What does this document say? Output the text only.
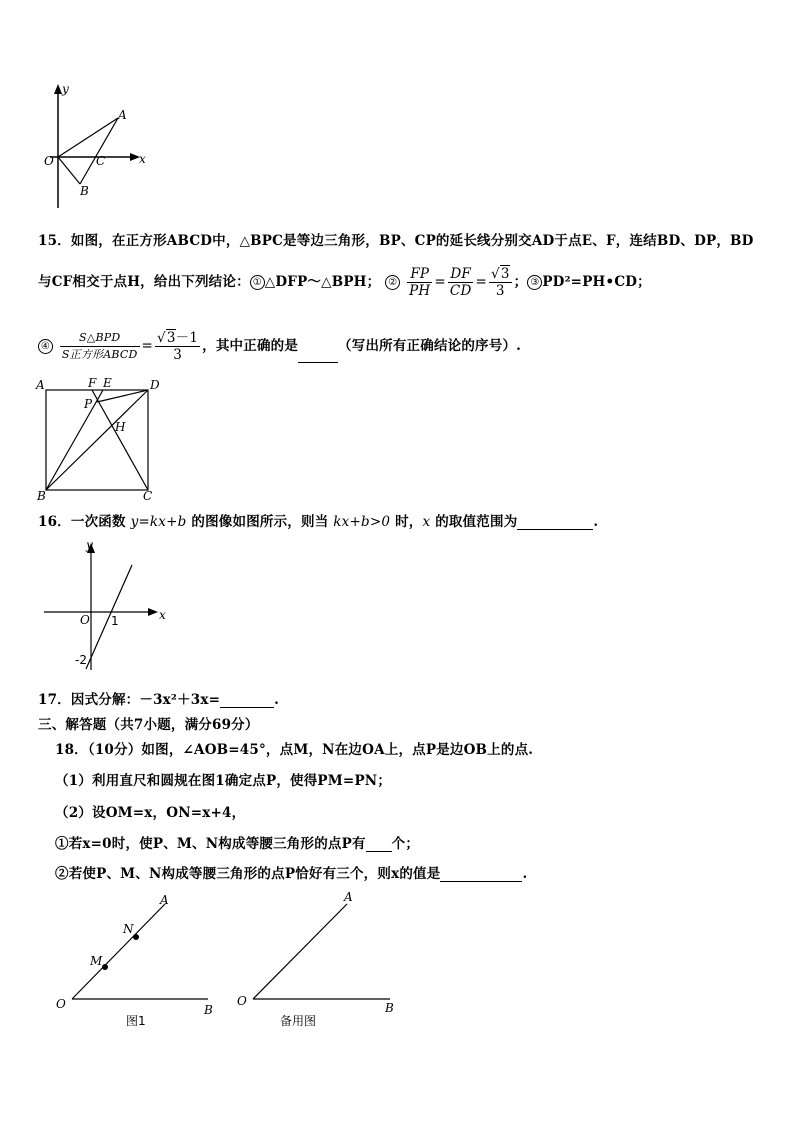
y
x
A
B
C
O
15．如图，在正方形ABCD中，△BPC是等边三角形，BP、CP的延长线分别交AD于点E、F，连结BD、DP，BD
与CF相交于点H，给出下列结论： ① △DFP～△BPH； ② $\frac{FP}{PH} = \frac{DF}{CD} = \frac{√3}{3}$ ； ③ PD²=PH•CD；
④ $\frac{\text{S△BPD}}{\text{S正方形ABCD}} = \frac{√3-1}{3}$ ，其中正确的是	（写出所有正确结论的序号）.
A	F E	D
P
H
B	C
16．一次函数 y=kx+b 的图像如图所示，则当 kx+b>0 时，x 的取值范围为	.
y
x
O 1
-2
17．因式分解：－3x²＋3x=	.
三、解答题（共7小题，满分69分）
18．（10分）如图，∠AOB=45°，点M，N在边OA上，点P是边OB上的点.
（1）利用直尺和圆规在图1确定点P，使得PM=PN；
（2）设OM=x，ON=x+4，
①若x=0时，使P、M、N构成等腰三角形的点P有 个；
②若使P、M、N构成等腰三角形的点P恰好有三个，则x的值是	.
A
N
M
O	B
图1
A
O	B
备用图
